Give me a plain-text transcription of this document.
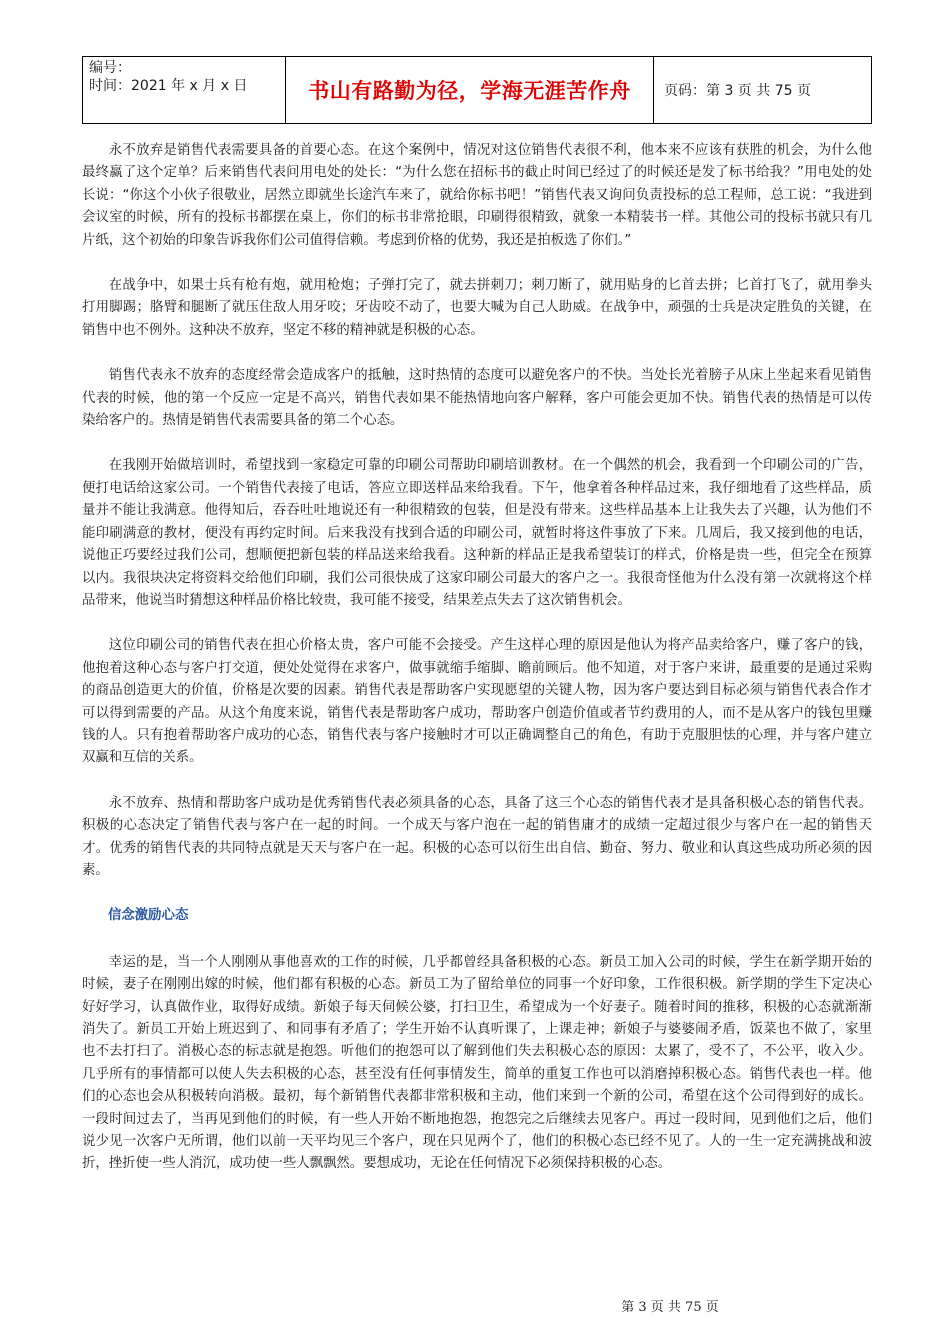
编号：
时间：2021 年 x 月 x 日	书山有路勤为径，学海无涯苦作舟	页码：第 3 页 共 75 页

永不放弃是销售代表需要具备的首要心态。在这个案例中，情况对这位销售代表很不利，他本来不应该有获胜的机会，为什么他最终赢了这个定单？后来销售代表问用电处的处长：“为什么您在招标书的截止时间已经过了的时候还是发了标书给我？”用电处的处长说：“你这个小伙子很敬业，居然立即就坐长途汽车来了，就给你标书吧！”销售代表又询问负责投标的总工程师，总工说：“我进到会议室的时候，所有的投标书都摆在桌上，你们的标书非常抢眼，印刷得很精致，就象一本精装书一样。其他公司的投标书就只有几片纸，这个初始的印象告诉我你们公司值得信赖。考虑到价格的优势，我还是拍板选了你们。”

在战争中，如果士兵有枪有炮，就用枪炮；子弹打完了，就去拼刺刀；刺刀断了，就用贴身的匕首去拼；匕首打飞了，就用拳头打用脚踢；胳臂和腿断了就压住敌人用牙咬；牙齿咬不动了，也要大喊为自己人助威。在战争中，顽强的士兵是决定胜负的关键，在销售中也不例外。这种决不放弃，坚定不移的精神就是积极的心态。

销售代表永不放弃的态度经常会造成客户的抵触，这时热情的态度可以避免客户的不快。当处长光着膀子从床上坐起来看见销售代表的时候，他的第一个反应一定是不高兴，销售代表如果不能热情地向客户解释，客户可能会更加不快。销售代表的热情是可以传染给客户的。热情是销售代表需要具备的第二个心态。

在我刚开始做培训时，希望找到一家稳定可靠的印刷公司帮助印刷培训教材。在一个偶然的机会，我看到一个印刷公司的广告，便打电话给这家公司。一个销售代表接了电话，答应立即送样品来给我看。下午，他拿着各种样品过来，我仔细地看了这些样品，质量并不能让我满意。他得知后，吞吞吐吐地说还有一种很精致的包装，但是没有带来。这些样品基本上让我失去了兴趣，认为他们不能印刷满意的教材，便没有再约定时间。后来我没有找到合适的印刷公司，就暂时将这件事放了下来。几周后，我又接到他的电话，说他正巧要经过我们公司，想顺便把新包装的样品送来给我看。这种新的样品正是我希望装订的样式，价格是贵一些，但完全在预算以内。我很块决定将资料交给他们印刷，我们公司很快成了这家印刷公司最大的客户之一。我很奇怪他为什么没有第一次就将这个样品带来，他说当时猜想这种样品价格比较贵，我可能不接受，结果差点失去了这次销售机会。

这位印刷公司的销售代表在担心价格太贵，客户可能不会接受。产生这样心理的原因是他认为将产品卖给客户，赚了客户的钱，他抱着这种心态与客户打交道，便处处觉得在求客户，做事就缩手缩脚、瞻前顾后。他不知道，对于客户来讲，最重要的是通过采购的商品创造更大的价值，价格是次要的因素。销售代表是帮助客户实现愿望的关键人物，因为客户要达到目标必须与销售代表合作才可以得到需要的产品。从这个角度来说，销售代表是帮助客户成功，帮助客户创造价值或者节约费用的人，而不是从客户的钱包里赚钱的人。只有抱着帮助客户成功的心态，销售代表与客户接触时才可以正确调整自己的角色，有助于克服胆怯的心理，并与客户建立双赢和互信的关系。

永不放弃、热情和帮助客户成功是优秀销售代表必须具备的心态，具备了这三个心态的销售代表才是具备积极心态的销售代表。积极的心态决定了销售代表与客户在一起的时间。一个成天与客户泡在一起的销售庸才的成绩一定超过很少与客户在一起的销售天才。优秀的销售代表的共同特点就是天天与客户在一起。积极的心态可以衍生出自信、勤奋、努力、敬业和认真这些成功所必须的因素。

信念激励心态

幸运的是，当一个人刚刚从事他喜欢的工作的时候，几乎都曾经具备积极的心态。新员工加入公司的时候，学生在新学期开始的时候，妻子在刚刚出嫁的时候，他们都有积极的心态。新员工为了留给单位的同事一个好印象，工作很积极。新学期的学生下定决心好好学习，认真做作业，取得好成绩。新娘子每天伺候公婆，打扫卫生，希望成为一个好妻子。随着时间的推移，积极的心态就渐渐消失了。新员工开始上班迟到了、和同事有矛盾了；学生开始不认真听课了，上课走神；新娘子与婆婆闹矛盾，饭菜也不做了，家里也不去打扫了。消极心态的标志就是抱怨。听他们的抱怨可以了解到他们失去积极心态的原因：太累了，受不了，不公平，收入少。几乎所有的事情都可以使人失去积极的心态，甚至没有任何事情发生，简单的重复工作也可以消磨掉积极心态。销售代表也一样。他们的心态也会从积极转向消极。最初，每个新销售代表都非常积极和主动，他们来到一个新的公司，希望在这个公司得到好的成长。一段时间过去了，当再见到他们的时候，有一些人开始不断地抱怨，抱怨完之后继续去见客户。再过一段时间，见到他们之后，他们说少见一次客户无所谓，他们以前一天平均见三个客户，现在只见两个了，他们的积极心态已经不见了。人的一生一定充满挑战和波折，挫折使一些人消沉，成功使一些人飘飘然。要想成功，无论在任何情况下必须保持积极的心态。

第 3 页 共 75 页
